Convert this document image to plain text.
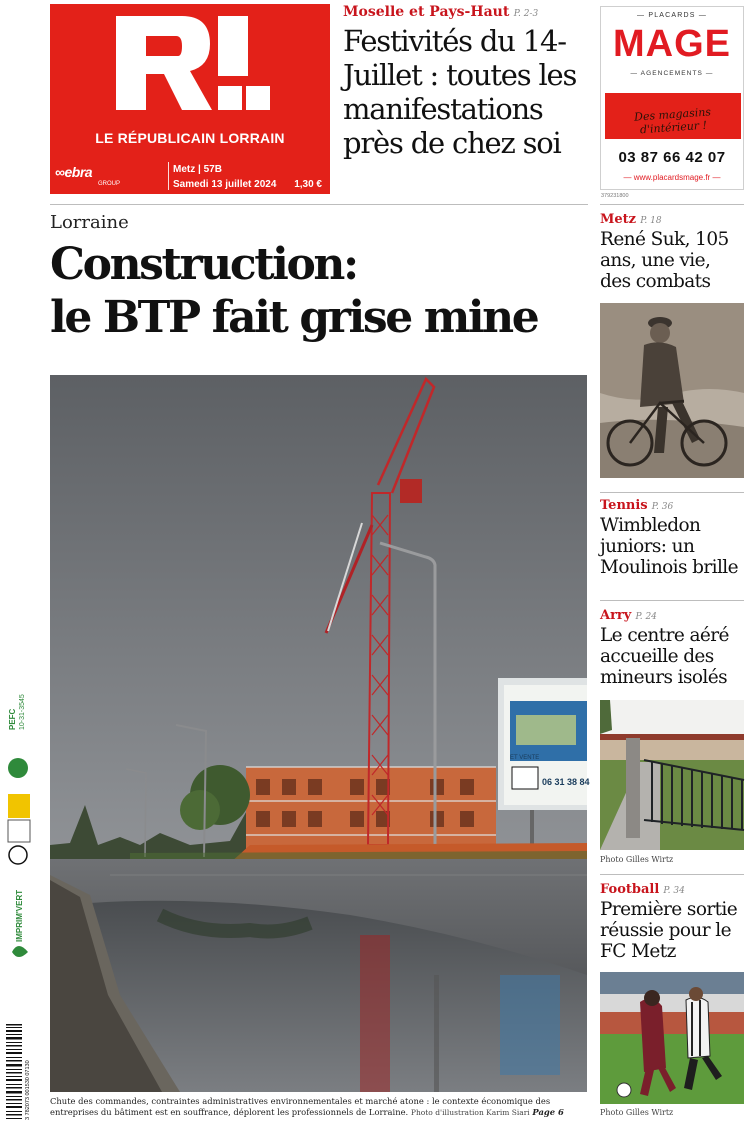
LE RÉPUBLICAIN LORRAIN
∞ebra
GROUP
Metz | 57B
Samedi 13 juillet 2024 1,30 €
Moselle et Pays-Haut P. 2-3
Festivités du 14-Juillet : toutes les manifestations près de chez soi
— PLACARDS —
MAGE
— AGENCEMENTS —
Des magasins d'intérieur !
03 87 66 42 07
— www.placardsmage.fr —
379231800
Lorraine
Construction:
le BTP fait grise mine
ET VENTE
06 31 38 84
Chute des commandes, contraintes administratives environnementales et marché atone : le contexte économique des entreprises du bâtiment est en souffrance, déplorent les professionnels de Lorraine. Photo d'illustration Karim Siari Page 6
Metz P. 18
René Suk, 105 ans, une vie, des combats
Tennis P. 36
Wimbledon juniors: un Moulinois brille
Arry P. 24
Le centre aéré accueille des mineurs isolés
Photo Gilles Wirtz
Football P. 34
Première sortie réussie pour le FC Metz
Photo Gilles Wirtz
10-31-3545
PEFC
IMPRIM'VERT
3 782073 001530 07130
